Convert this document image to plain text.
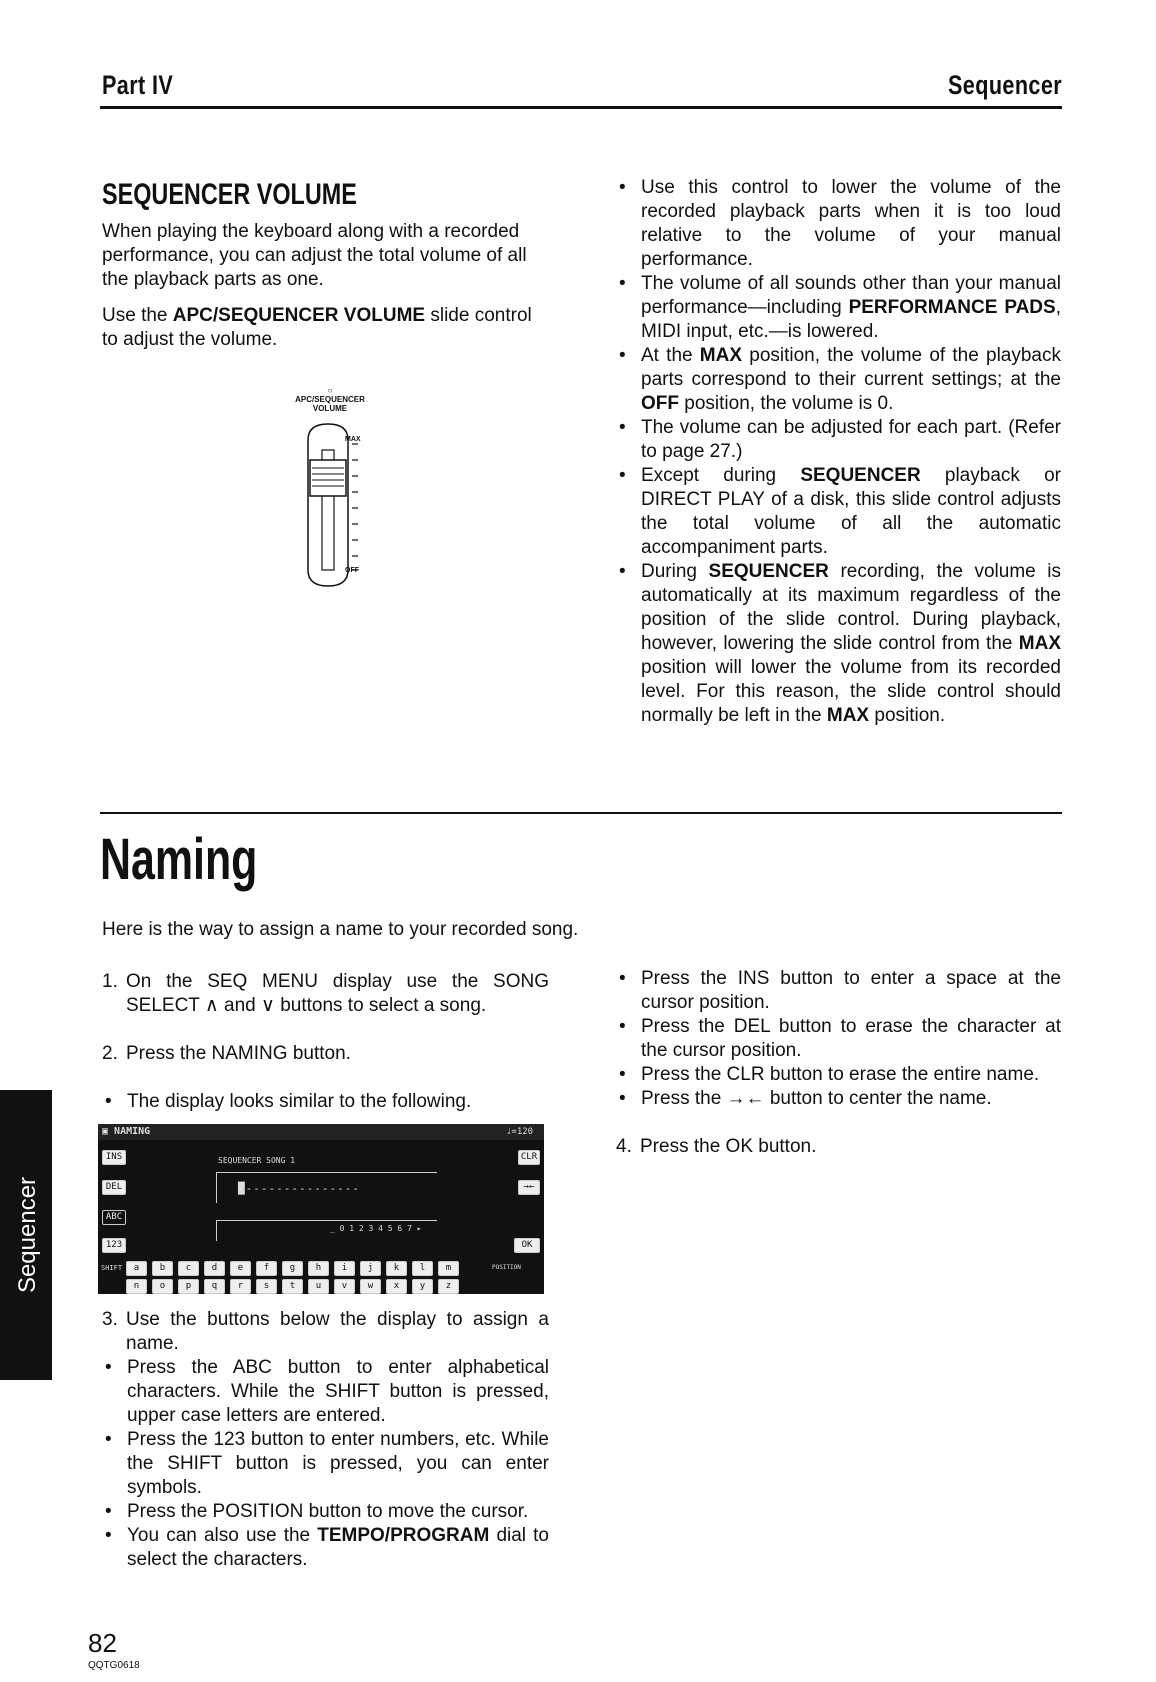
Part IV	Sequencer
SEQUENCER VOLUME
When playing the keyboard along with a recorded performance, you can adjust the total volume of all the playback parts as one.
Use the APC/SEQUENCER VOLUME slide control to adjust the volume.
○
APC/SEQUENCER
VOLUME
MAX
OFF
• Use this control to lower the volume of the recorded playback parts when it is too loud relative to the volume of your manual performance.
• The volume of all sounds other than your manual performance—including PERFORMANCE PADS, MIDI input, etc.—is lowered.
• At the MAX position, the volume of the playback parts correspond to their current settings; at the OFF position, the volume is 0.
• The volume can be adjusted for each part. (Refer to page 27.)
• Except during SEQUENCER playback or DIRECT PLAY of a disk, this slide control adjusts the total volume of all the automatic accompaniment parts.
• During SEQUENCER recording, the volume is automatically at its maximum regardless of the position of the slide control. During playback, however, lowering the slide control from the MAX position will lower the volume from its recorded level. For this reason, the slide control should normally be left in the MAX position.
Naming
Here is the way to assign a name to your recorded song.
1. On the SEQ MENU display use the SONG SELECT ∧ and ∨ buttons to select a song.
2. Press the NAMING button.
• The display looks similar to the following.
▣ NAMING	♩=120
INS
DEL
ABC
123
CLR
→←
OK
SEQUENCER SONG 1
█---------------
_ 0 1 2 3 4 5 6 7 ▸
SHIFT	POSITION
a	b	c	d	e	f	g	h	i	j	k	l	m
n	o	p	q	r	s	t	u	v	w	x	y	z
3. Use the buttons below the display to assign a name.
• Press the ABC button to enter alphabetical characters. While the SHIFT button is pressed, upper case letters are entered.
• Press the 123 button to enter numbers, etc. While the SHIFT button is pressed, you can enter symbols.
• Press the POSITION button to move the cursor.
• You can also use the TEMPO/PROGRAM dial to select the characters.
• Press the INS button to enter a space at the cursor position.
• Press the DEL button to erase the character at the cursor position.
• Press the CLR button to erase the entire name.
• Press the →← button to center the name.
4. Press the OK button.
Sequencer
82
QQTG0618
